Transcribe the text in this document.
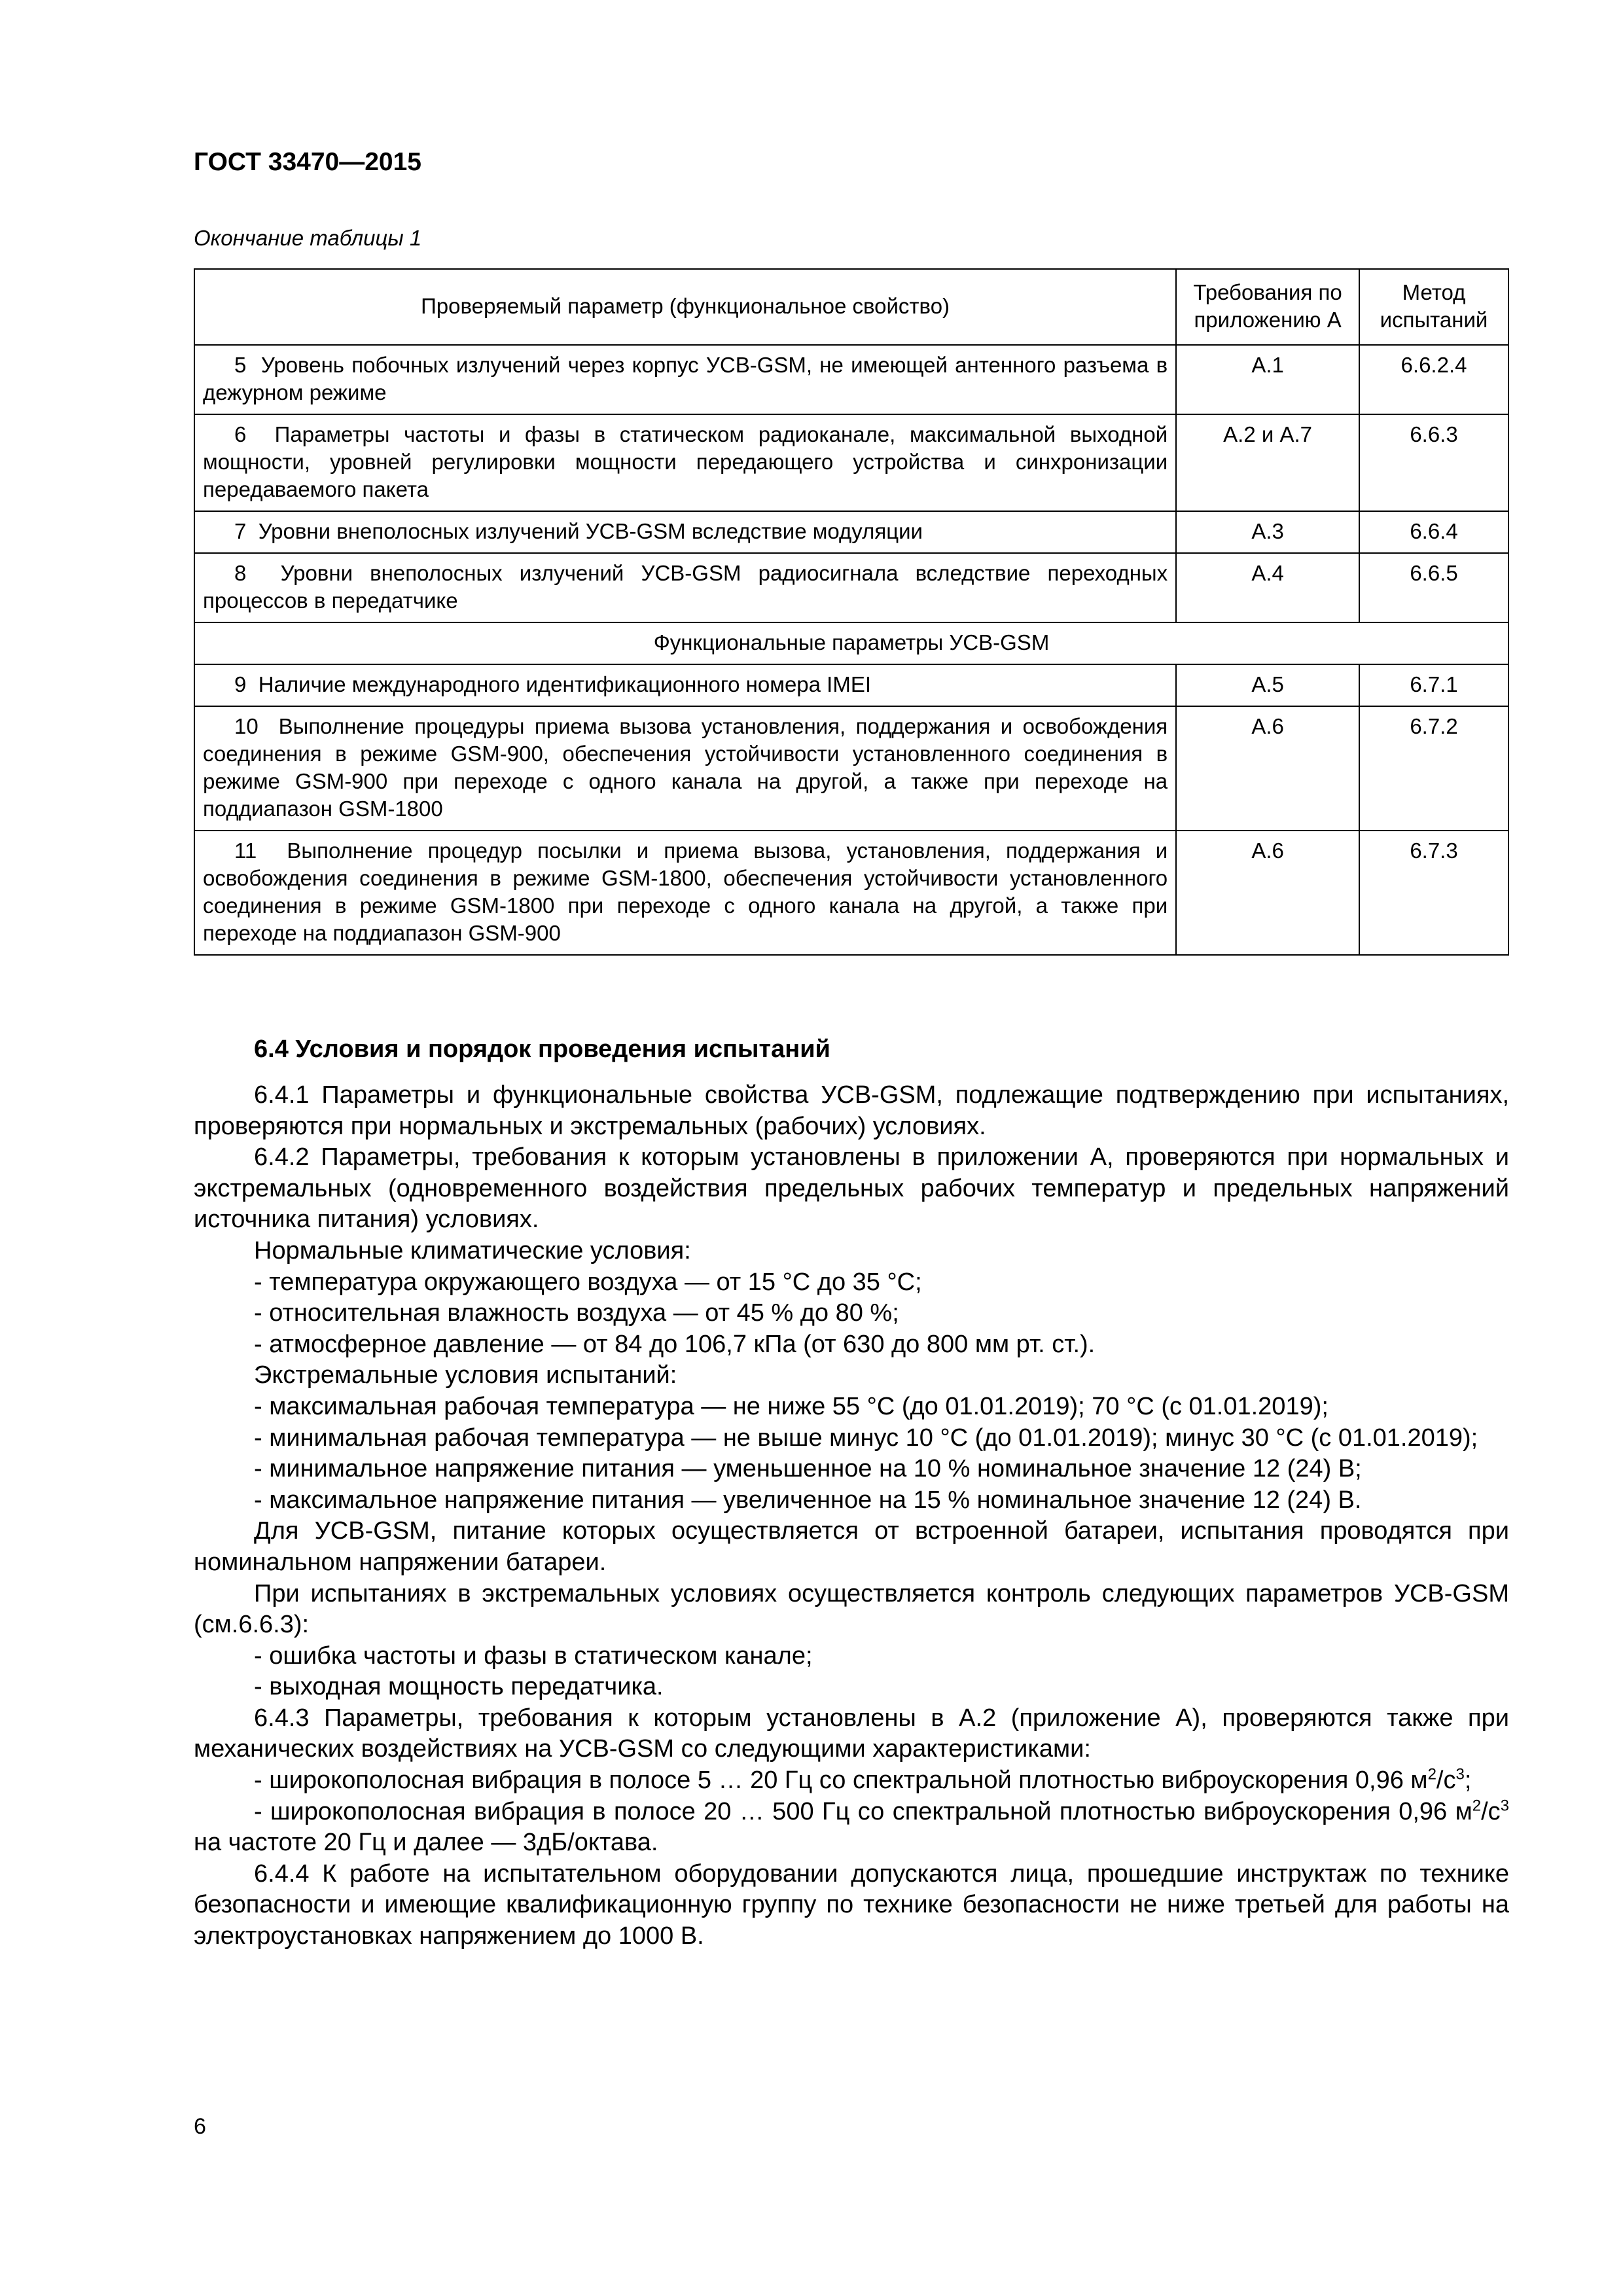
ГОСТ 33470—2015
Окончание таблицы 1
Проверяемый параметр (функциональное свойство)	Требования по приложению А	Метод испытаний
5 Уровень побочных излучений через корпус УСВ-GSM, не имеющей антенного разъема в дежурном режиме	А.1	6.6.2.4
6 Параметры частоты и фазы в статическом радиоканале, максимальной выходной мощности, уровней регулировки мощности передающего устройства и синхронизации передаваемого пакета	А.2 и А.7	6.6.3
7 Уровни внеполосных излучений УСВ-GSM вследствие модуляции	А.3	6.6.4
8 Уровни внеполосных излучений УСВ-GSM радиосигнала вследствие переходных процессов в передатчике	А.4	6.6.5
Функциональные параметры УСВ-GSM		
9 Наличие международного идентификационного номера IMEI	А.5	6.7.1
10 Выполнение процедуры приема вызова установления, поддержания и освобождения соединения в режиме GSM-900, обеспечения устойчивости установленного соединения в режиме GSM-900 при переходе с одного канала на другой, а также при переходе на поддиапазон GSM-1800	А.6	6.7.2
11 Выполнение процедур посылки и приема вызова, установления, поддержания и освобождения соединения в режиме GSM-1800, обеспечения устойчивости установленного соединения в режиме GSM-1800 при переходе с одного канала на другой, а также при переходе на поддиапазон GSM-900	А.6	6.7.3
6.4 Условия и порядок проведения испытаний

6.4.1 Параметры и функциональные свойства УСВ-GSM, подлежащие подтверждению при испытаниях, проверяются при нормальных и экстремальных (рабочих) условиях.

6.4.2 Параметры, требования к которым установлены в приложении А, проверяются при нормальных и экстремальных (одновременного воздействия предельных рабочих температур и предельных напряжений источника питания) условиях.

Нормальные климатические условия:

- температура окружающего воздуха — от 15 °С до 35 °С;

- относительная влажность воздуха — от 45 % до 80 %;

- атмосферное давление — от 84 до 106,7 кПа (от 630 до 800 мм рт. ст.).

Экстремальные условия испытаний:

- максимальная рабочая температура — не ниже 55 °С (до 01.01.2019); 70 °С (с 01.01.2019);

- минимальная рабочая температура — не выше минус 10 °С (до 01.01.2019); минус 30 °С (с 01.01.2019);

- минимальное напряжение питания — уменьшенное на 10 % номинальное значение 12 (24) В;

- максимальное напряжение питания — увеличенное на 15 % номинальное значение 12 (24) В.

Для УСВ-GSM, питание которых осуществляется от встроенной батареи, испытания проводятся при номинальном напряжении батареи.

При испытаниях в экстремальных условиях осуществляется контроль следующих параметров УСВ-GSM (см.6.6.3):

- ошибка частоты и фазы в статическом канале;

- выходная мощность передатчика.

6.4.3 Параметры, требования к которым установлены в А.2 (приложение А), проверяются также при механических воздействиях на УСВ-GSM со следующими характеристиками:

- широкополосная вибрация в полосе 5 … 20 Гц со спектральной плотностью виброускорения 0,96 $м^2/с^3$;

- широкополосная вибрация в полосе 20 … 500 Гц со спектральной плотностью виброускорения 0,96 $м^2/с^3$ на частоте 20 Гц и далее — 3дБ/октава.

6.4.4 К работе на испытательном оборудовании допускаются лица, прошедшие инструктаж по технике безопасности и имеющие квалификационную группу по технике безопасности не ниже третьей для работы на электроустановках напряжением до 1000 В.

6
